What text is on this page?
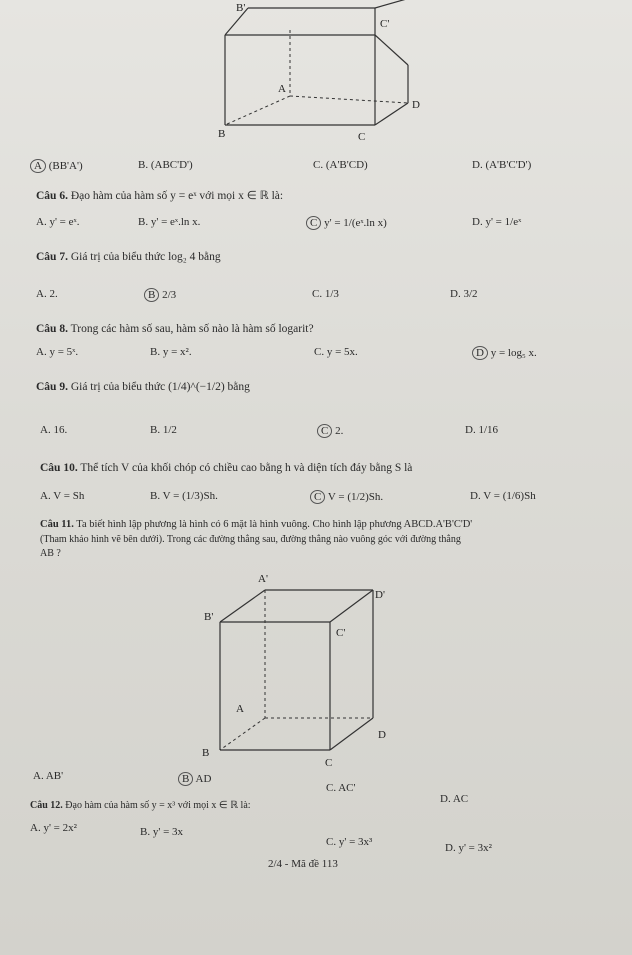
B'
C'
A
D
B	C
A (BB'A')	B. (ABC'D')	C. (A'B'CD)	D. (A'B'C'D')
Câu 6. Đạo hàm của hàm số y = eˣ với mọi x ∈ ℝ là:
A. y' = eˣ.	B. y' = eˣ.ln x.	C y' = 1/(eˣ.ln x)	D. y' = 1/eˣ
Câu 7. Giá trị của biểu thức log₂ 4 bằng
A. 2.	B 2/3	C. 1/3	D. 3/2
Câu 8. Trong các hàm số sau, hàm số nào là hàm số logarit?
A. y = 5ˣ.	B. y = x².	C. y = 5x.	D y = log₅ x.
Câu 9. Giá trị của biểu thức (1/4)^(−1/2) bằng
A. 16.	B. 1/2	C 2.	D. 1/16
Câu 10. Thể tích V của khối chóp có chiều cao bằng h và diện tích đáy bằng S là
A. V = Sh	B. V = (1/3)Sh.	C V = (1/2)Sh.	D. V = (1/6)Sh
Câu 11. Ta biết hình lập phương là hình có 6 mặt là hình vuông. Cho hình lập phương ABCD.A'B'C'D'
(Tham khảo hình vẽ bên dưới). Trong các đường thẳng sau, đường thẳng nào vuông góc với đường thẳng
AB ?
A'
D'
B'
C'
A
D
B
C
A. AB'	B AD
C. AC'
D. AC
Câu 12. Đạo hàm của hàm số y = x³ với mọi x ∈ ℝ là:
A. y' = 2x²	B. y' = 3x
C. y' = 3x³	D. y' = 3x²
2/4 - Mã đề 113
